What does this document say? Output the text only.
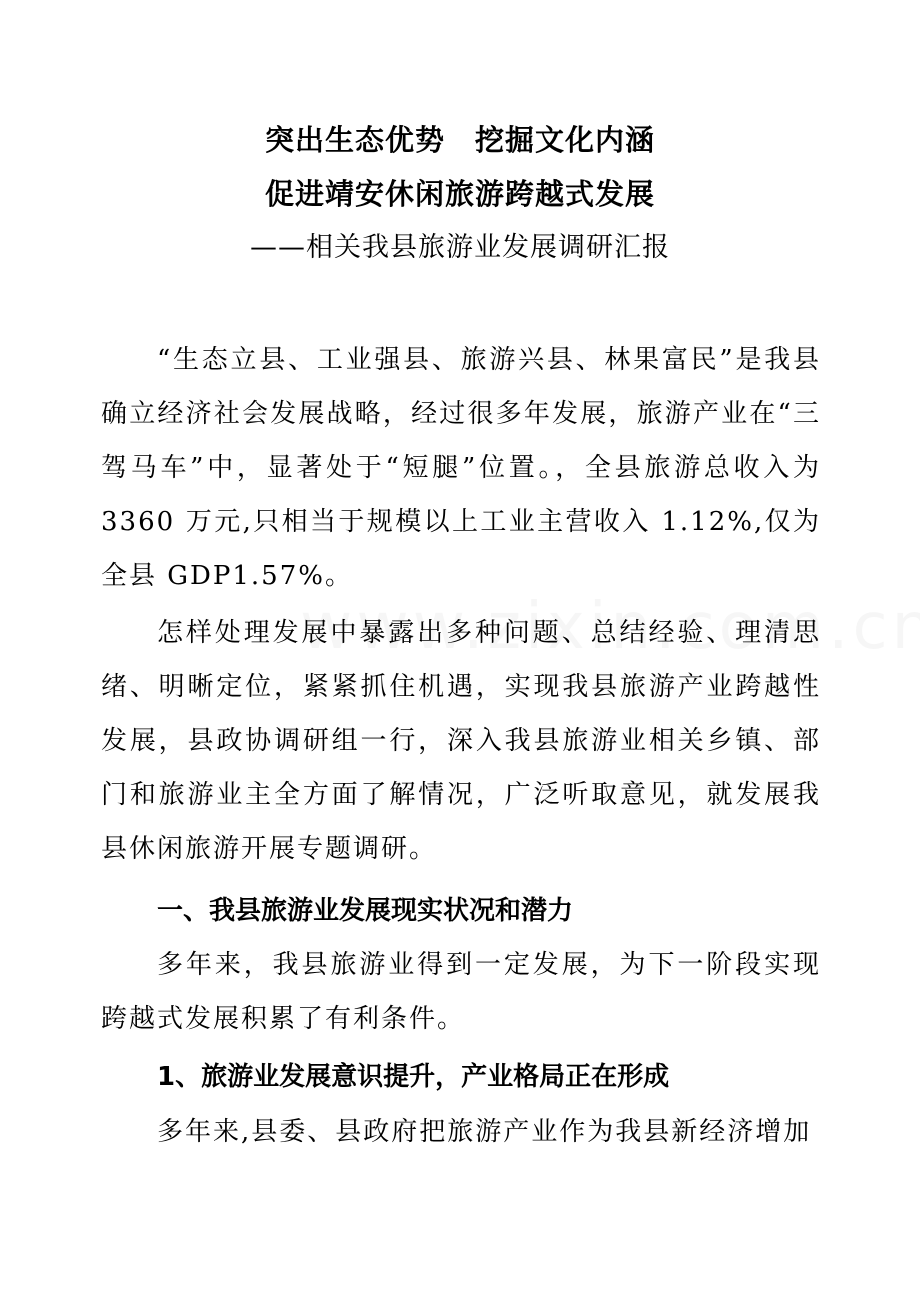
突出生态优势　挖掘文化内涵
促进靖安休闲旅游跨越式发展
——相关我县旅游业发展调研汇报
“生态立县、工业强县、旅游兴县、林果富民”是我县确立经济社会发展战略，经过很多年发展，旅游产业在“三驾马车”中，显著处于“短腿”位置。，全县旅游总收入为 3360 万元,只相当于规模以上工业主营收入 1.12%,仅为全县 GDP1.57%。
怎样处理发展中暴露出多种问题、总结经验、理清思绪、明晰定位，紧紧抓住机遇，实现我县旅游产业跨越性发展，县政协调研组一行，深入我县旅游业相关乡镇、部门和旅游业主全方面了解情况，广泛听取意见，就发展我县休闲旅游开展专题调研。
一、我县旅游业发展现实状况和潜力
多年来，我县旅游业得到一定发展，为下一阶段实现跨越式发展积累了有利条件。
1、旅游业发展意识提升，产业格局正在形成
多年来,县委、县政府把旅游产业作为我县新经济增加
